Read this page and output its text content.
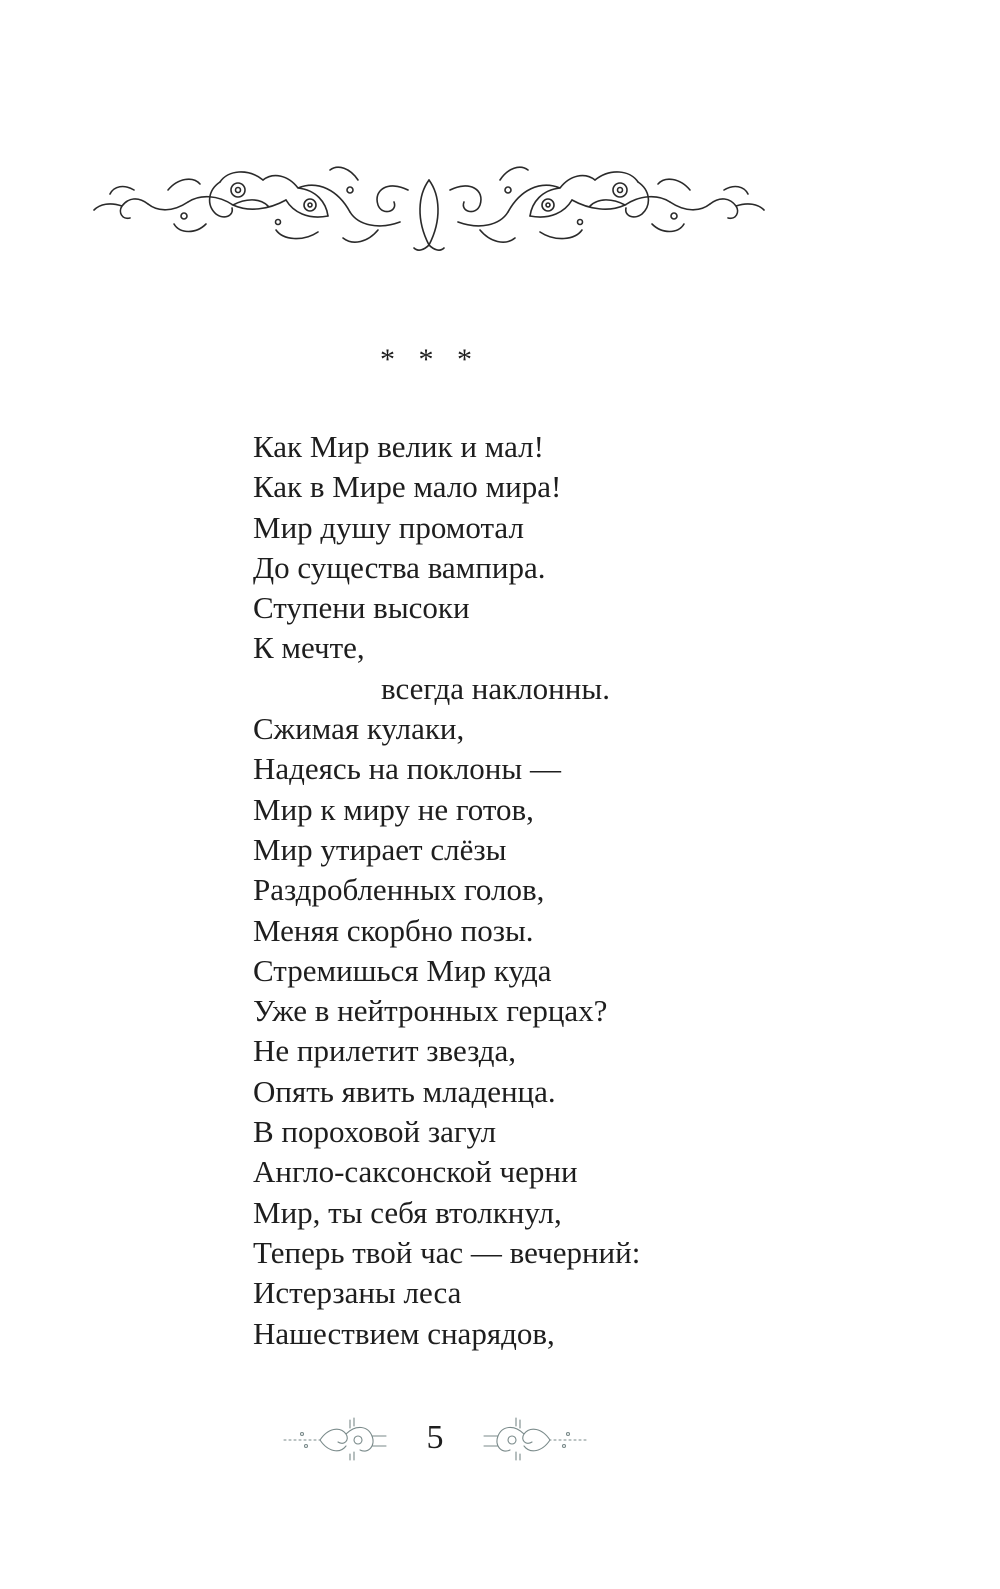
* * *
Как Мир велик и мал!
Как в Мире мало мира!
Мир душу промотал
До существа вампира.
Ступени высоки
К мечте,
всегда наклонны.
Сжимая кулаки,
Надеясь на поклоны —
Мир к миру не готов,
Мир утирает слёзы
Раздробленных голов,
Меняя скорбно позы.
Стремишься Мир куда
Уже в нейтронных герцах?
Не прилетит звезда,
Опять явить младенца.
В пороховой загул
Англо-саксонской черни
Мир, ты себя втолкнул,
Теперь твой час — вечерний:
Истерзаны леса
Нашествием снарядов,
5
